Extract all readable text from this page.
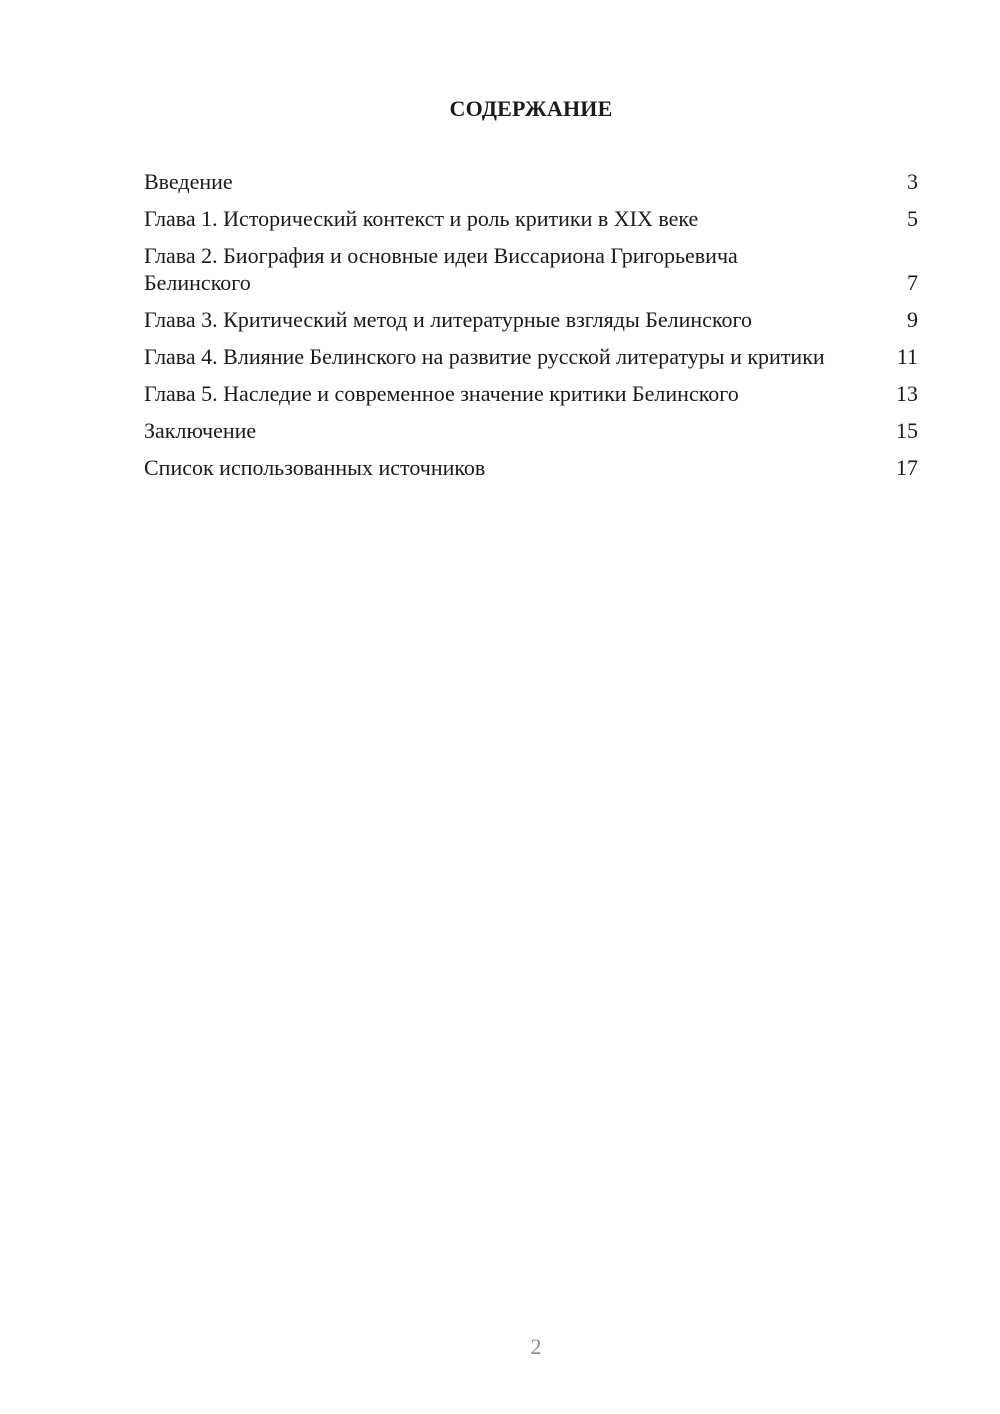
СОДЕРЖАНИЕ
Введение	3
Глава 1. Исторический контекст и роль критики в XIX веке	5
Глава 2. Биография и основные идеи Виссариона Григорьевича Белинского	7
Глава 3. Критический метод и литературные взгляды Белинского	9
Глава 4. Влияние Белинского на развитие русской литературы и критики	11
Глава 5. Наследие и современное значение критики Белинского	13
Заключение	15
Список использованных источников	17
2
